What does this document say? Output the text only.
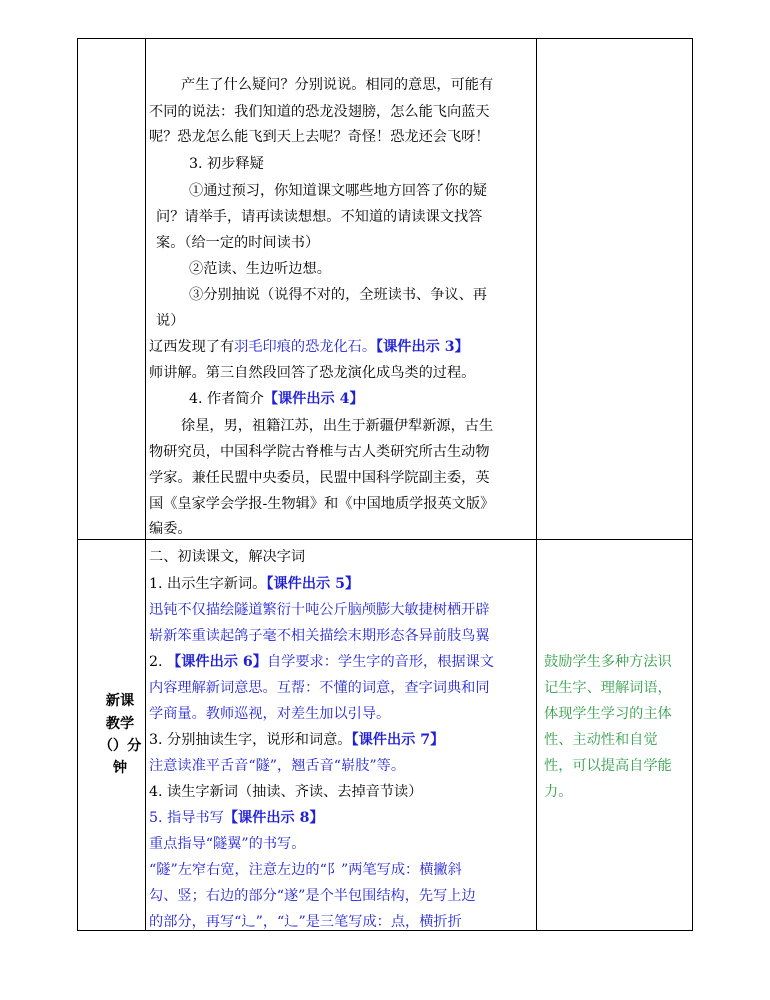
产生了什么疑问？分别说说。相同的意思，可能有
不同的说法：我们知道的恐龙没翅膀，怎么能飞向蓝天
呢？恐龙怎么能飞到天上去呢？奇怪！恐龙还会飞呀！
3. 初步释疑
①通过预习，你知道课文哪些地方回答了你的疑
问？请举手，请再读读想想。不知道的请读课文找答
案。（给一定的时间读书）
②范读、生边听边想。
③分别抽说（说得不对的，全班读书、争议、再
说）
辽西发现了有羽毛印痕的恐龙化石。【课件出示 3】
师讲解。第三自然段回答了恐龙演化成鸟类的过程。
4. 作者简介【课件出示 4】
徐星，男，祖籍江苏，出生于新疆伊犁新源，古生
物研究员，中国科学院古脊椎与古人类研究所古生动物
学家。兼任民盟中央委员，民盟中国科学院副主委，英
国《皇家学会学报-生物辑》和《中国地质学报英文版》
编委。
新课
教学
（）分
钟
二、初读课文，解决字词
1. 出示生字新词。【课件出示 5】
迅钝不仅描绘隧道繁衍十吨公斤脑颅膨大敏捷树栖开辟
崭新笨重读起鸽子毫不相关描绘末期形态各异前肢鸟翼
2. 【课件出示 6】自学要求：学生字的音形，根据课文
内容理解新词意思。互帮：不懂的词意，查字词典和同
学商量。教师巡视，对差生加以引导。
3. 分别抽读生字，说形和词意。【课件出示 7】
注意读准平舌音“隧”，翘舌音“崭肢”等。
4. 读生字新词（抽读、齐读、去掉音节读）
5. 指导书写【课件出示 8】
重点指导“隧翼”的书写。
“隧”左窄右宽，注意左边的“阝”两笔写成：横撇斜
勾、竖；右边的部分“遂”是个半包围结构，先写上边
的部分，再写“辶”，“辶”是三笔写成：点，横折折
鼓励学生多种方法识
记生字、理解词语，
体现学生学习的主体
性、主动性和自觉
性，可以提高自学能
力。
